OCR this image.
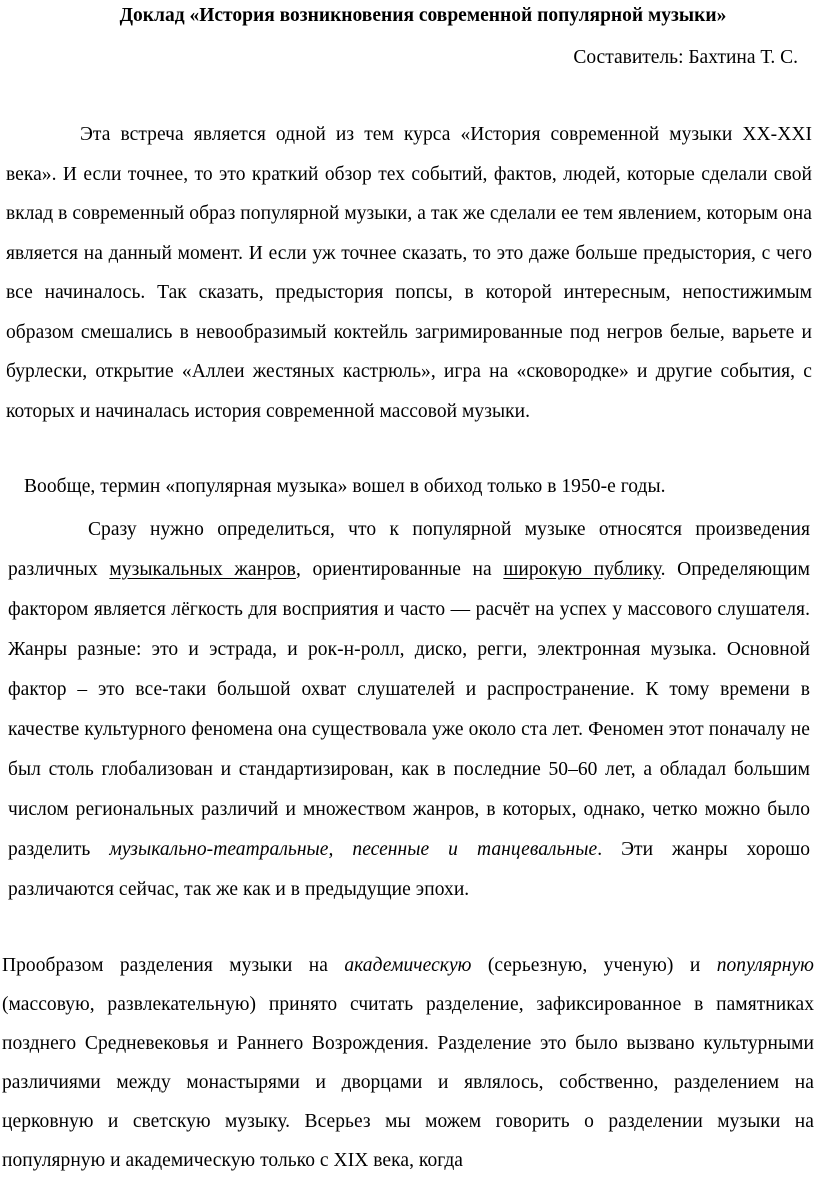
Доклад «История возникновения современной популярной музыки»
Составитель: Бахтина Т. С.
Эта встреча является одной из тем курса «История современной музыки XX-XXI века». И если точнее, то это краткий обзор тех событий, фактов, людей, которые сделали свой вклад в современный образ популярной музыки, а так же сделали ее тем явлением, которым она является на данный момент. И если уж точнее сказать, то это даже больше предыстория, с чего все начиналось. Так сказать, предыстория попсы, в которой интересным, непостижимым образом смешались в невообразимый коктейль загримированные под негров белые, варьете и бурлески, открытие «Аллеи жестяных кастрюль», игра на «сковородке» и другие события, с которых и начиналась история современной массовой музыки.
Вообще, термин «популярная музыка» вошел в обиход только в 1950-е годы.
Сразу нужно определиться, что к популярной музыке относятся произведения различных музыкальных жанров, ориентированные на широкую публику. Определяющим фактором является лёгкость для восприятия и часто — расчёт на успех у массового слушателя. Жанры разные: это и эстрада, и рок-н-ролл, диско, регги, электронная музыка. Основной фактор – это все-таки большой охват слушателей и распространение. К тому времени в качестве культурного феномена она существовала уже около ста лет. Феномен этот поначалу не был столь глобализован и стандартизирован, как в последние 50–60 лет, а обладал большим числом региональных различий и множеством жанров, в которых, однако, четко можно было разделить музыкально-театральные, песенные и танцевальные. Эти жанры хорошо различаются сейчас, так же как и в предыдущие эпохи.
Прообразом разделения музыки на академическую (серьезную, ученую) и популярную (массовую, развлекательную) принято считать разделение, зафиксированное в памятниках позднего Средневековья и Раннего Возрождения. Разделение это было вызвано культурными различиями между монастырями и дворцами и являлось, собственно, разделением на церковную и светскую музыку. Всерьез мы можем говорить о разделении музыки на популярную и академическую только с XIX века, когда
